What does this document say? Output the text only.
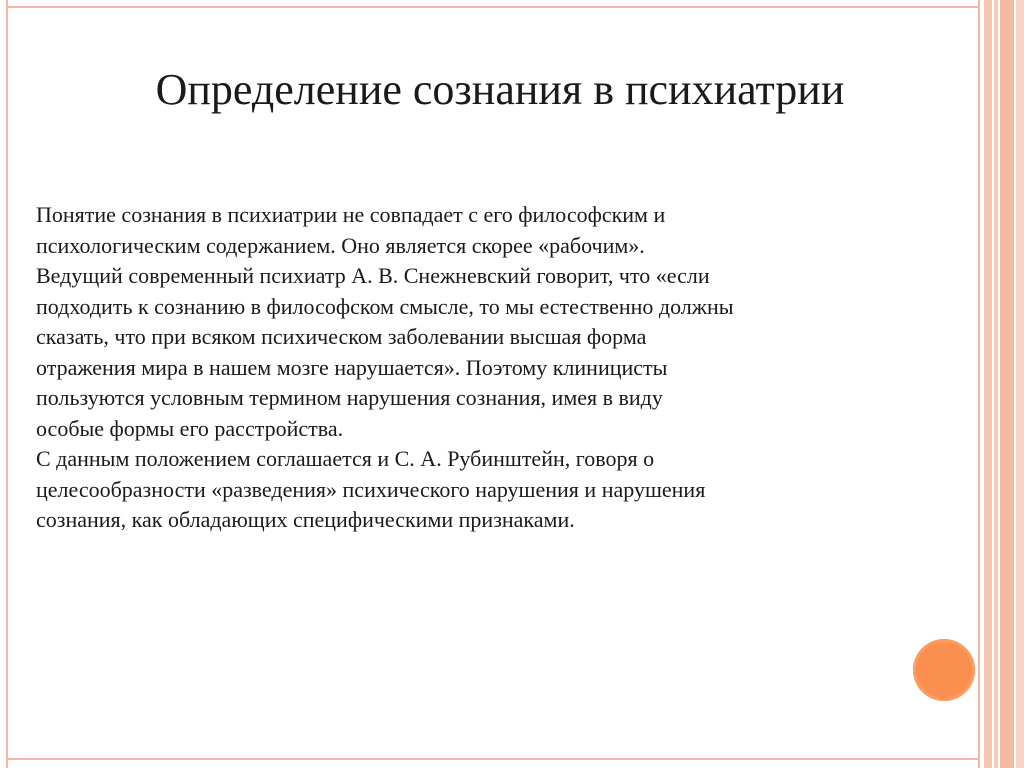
Определение сознания в психиатрии
Понятие сознания в психиатрии не совпадает с его философским и
психологическим содержанием. Оно является скорее «рабочим».
Ведущий современный психиатр А. В. Снежневский говорит, что «если
подходить к сознанию в философском смысле, то мы естественно должны
сказать, что при всяком психическом заболевании высшая форма
отражения мира в нашем мозге нарушается». Поэтому клиницисты
пользуются условным термином нарушения сознания, имея в виду
особые формы его расстройства.
С данным положением соглашается и С. А. Рубинштейн, говоря о
целесообразности «разведения» психического нарушения и нарушения
сознания, как обладающих специфическими признаками.
